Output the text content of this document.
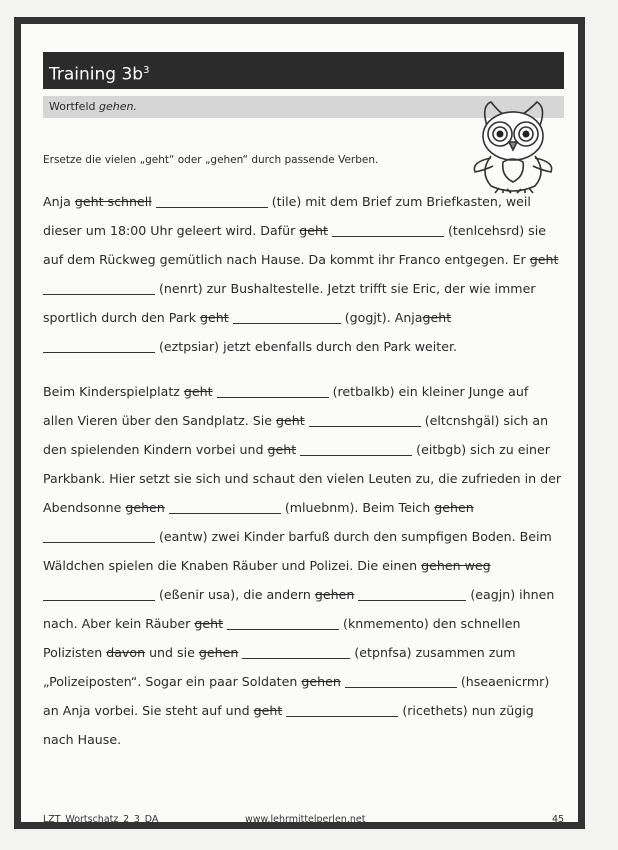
Training $3b^3$
Wortfeld gehen.
Ersetze die vielen „geht“ oder „gehen“ durch passende Verben.
Anja geht schnell	(tile) mit dem Brief zum Briefkasten, weil
dieser um 18:00 Uhr geleert wird. Dafür geht	(tenlcehsrd) sie
auf dem Rückweg gemütlich nach Hause. Da kommt ihr Franco entgegen. Er geht
(nenrt) zur Bushaltestelle. Jetzt trifft sie Eric, der wie immer
sportlich durch den Park geht	(gogjt). Anjageht
(eztpsiar) jetzt ebenfalls durch den Park weiter.
Beim Kinderspielplatz geht	(retbalkb) ein kleiner Junge auf
allen Vieren über den Sandplatz. Sie geht	(eltcnshgäl) sich an
den spielenden Kindern vorbei und geht	(eitbgb) sich zu einer
Parkbank. Hier setzt sie sich und schaut den vielen Leuten zu, die zufrieden in der
Abendsonne gehen	(mluebnm). Beim Teich gehen
(eantw) zwei Kinder barfuß durch den sumpfigen Boden. Beim
Wäldchen spielen die Knaben Räuber und Polizei. Die einen gehen weg
(eßenir usa), die andern gehen	(eagjn) ihnen
nach. Aber kein Räuber geht	(knmemento) den schnellen
Polizisten davon und sie gehen	(etpnfsa) zusammen zum
„Polizeiposten“. Sogar ein paar Soldaten gehen	(hseaenicrmr)
an Anja vorbei. Sie steht auf und geht	(ricethets) nun zügig
nach Hause.
LZT_Wortschatz_2_3_DA	www.lehrmittelperlen.net	45
